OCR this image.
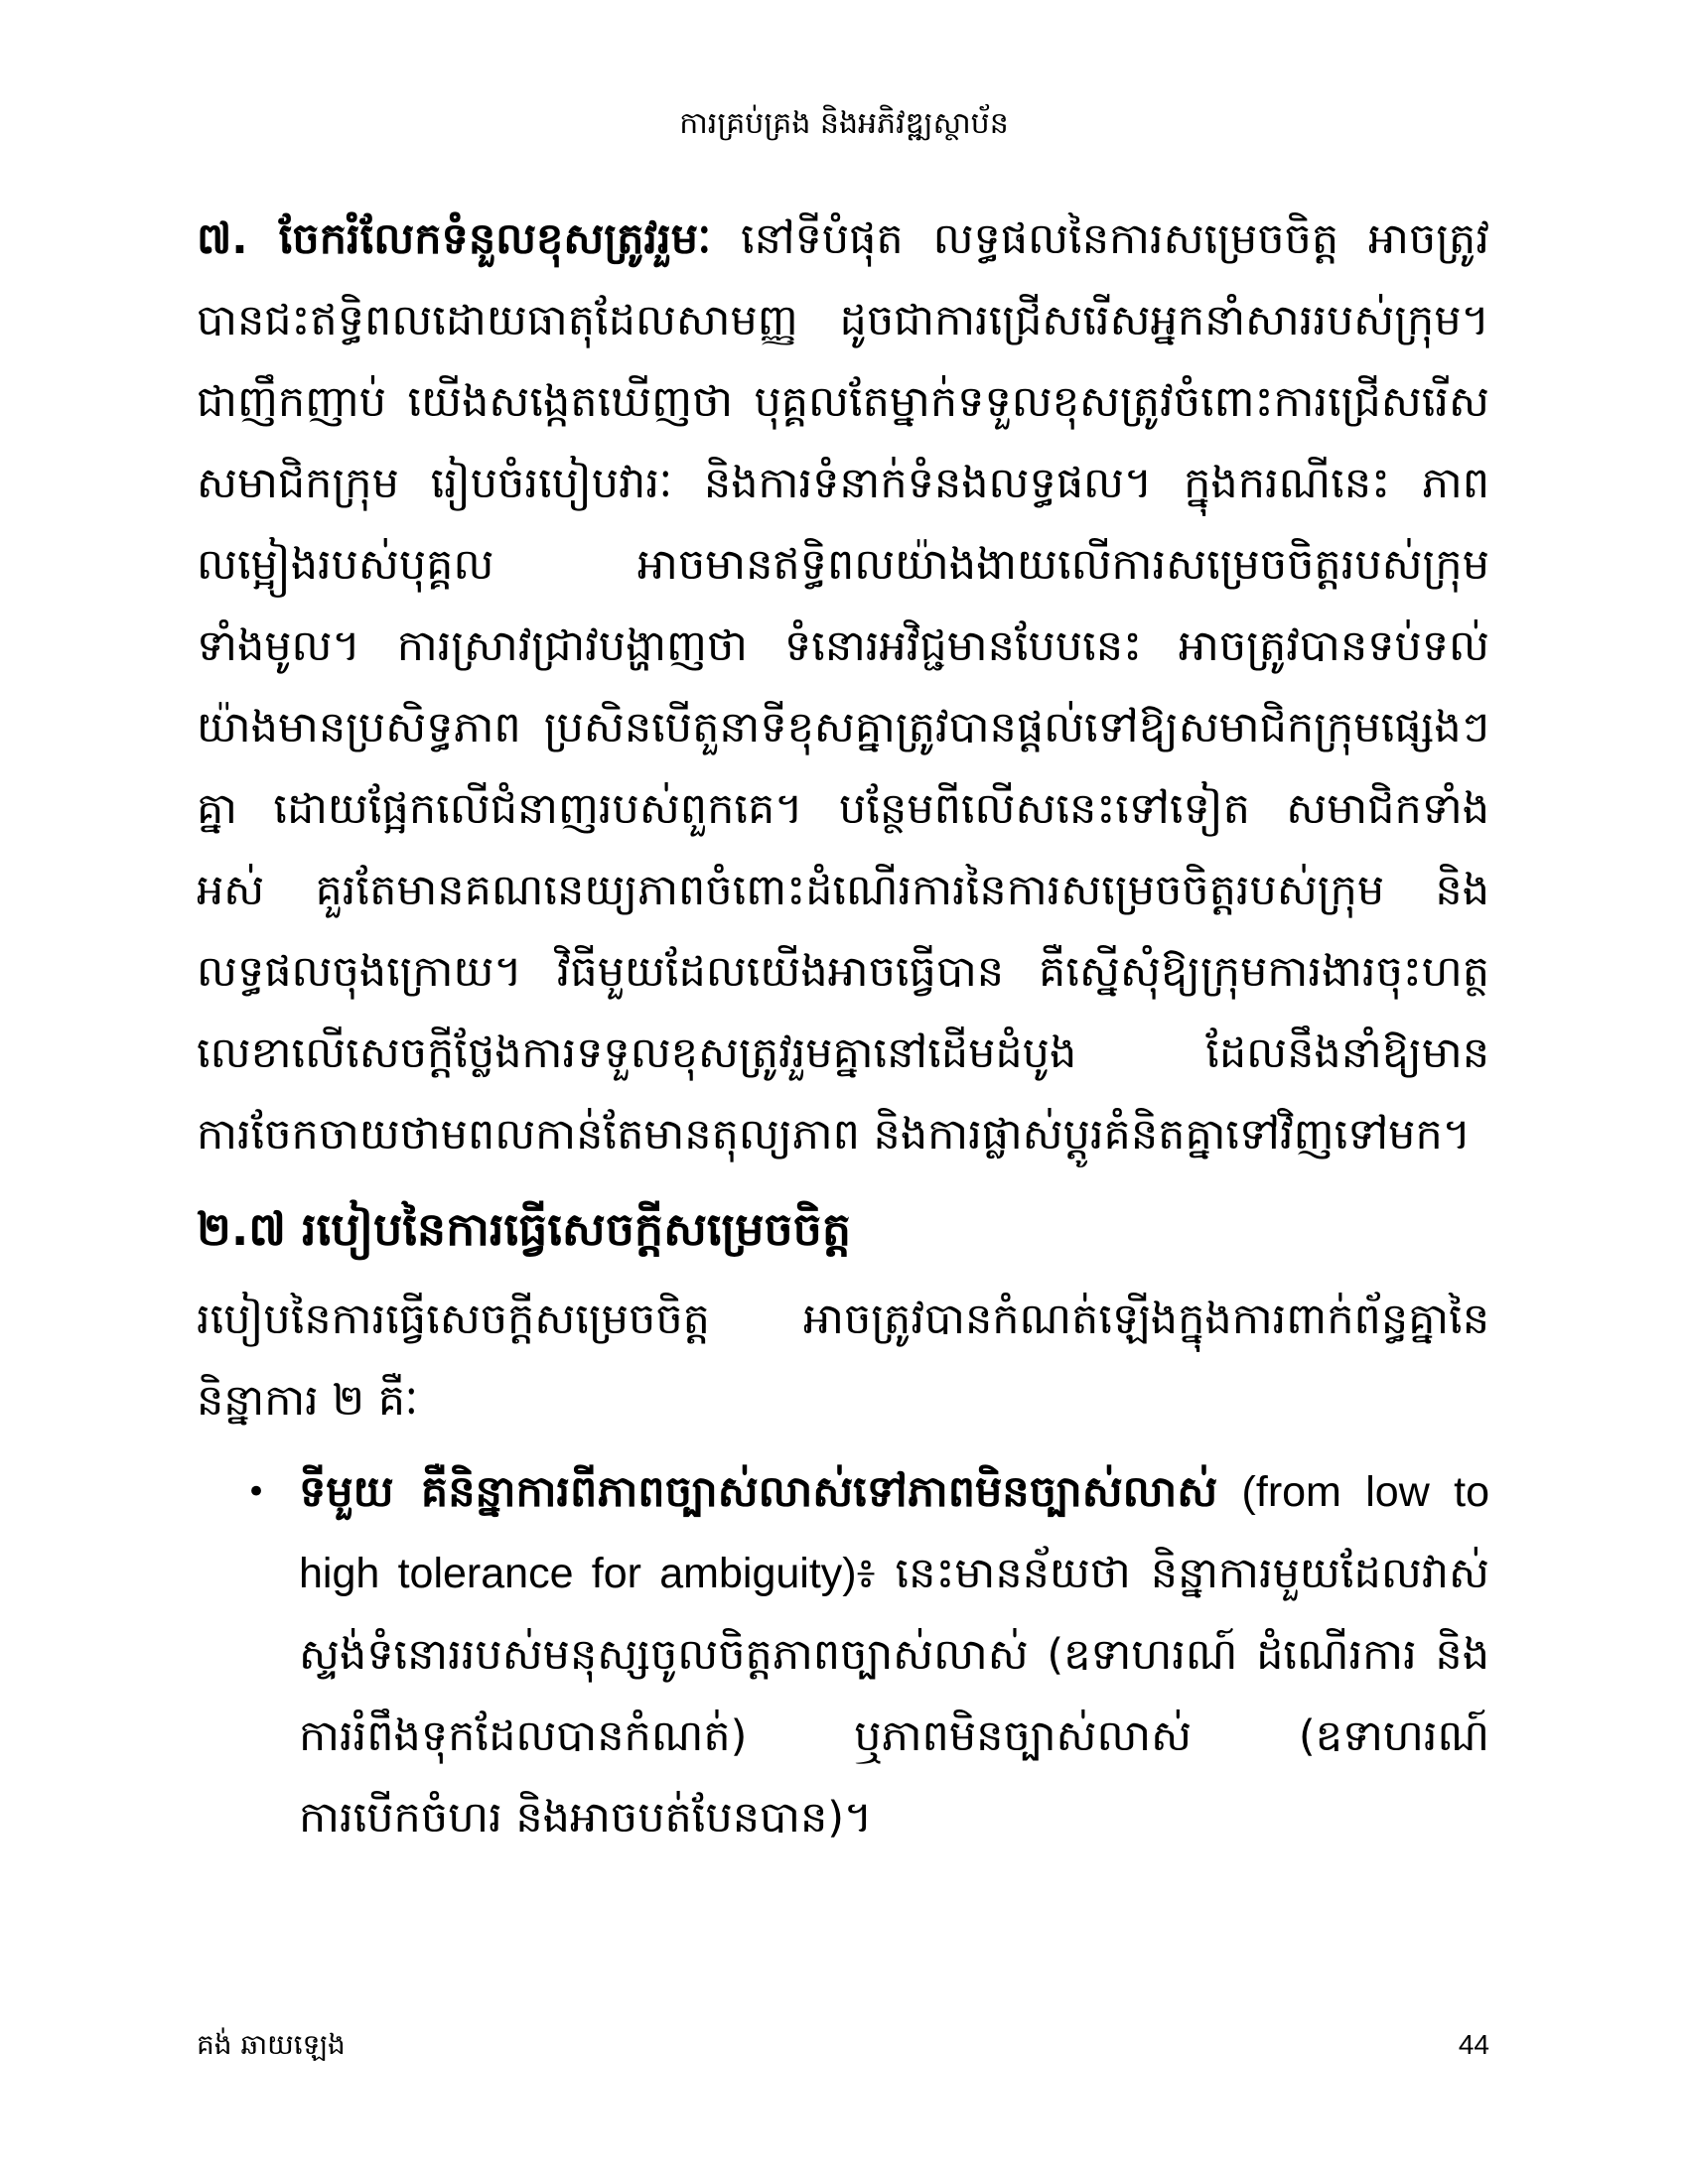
ការគ្រប់គ្រង និងអភិវឌ្ឍស្ថាប័ន

៧. ចែករំលែកទំនួលខុសត្រូវរួមៈ នៅទីបំផុត លទ្ធផលនៃការសម្រេចចិត្ត អាចត្រូវបានជះឥទ្ធិពលដោយធាតុដែលសាមញ្ញ ដូចជាការជ្រើសរើសអ្នកនាំសាររបស់ក្រុម។ ជាញឹកញាប់ យើងសង្កេតឃើញថា បុគ្គលតែម្នាក់ទទួលខុសត្រូវចំពោះការជ្រើសរើសសមាជិកក្រុម រៀបចំរបៀបវារៈ និងការទំនាក់ទំនងលទ្ធផល។ ក្នុងករណីនេះ ភាពលម្អៀងរបស់បុគ្គល អាចមានឥទ្ធិពលយ៉ាងងាយលើការសម្រេចចិត្តរបស់ក្រុមទាំងមូល។ ការស្រាវជ្រាវបង្ហាញថា ទំនោរអវិជ្ជមានបែបនេះ អាចត្រូវបានទប់ទល់យ៉ាងមានប្រសិទ្ធភាព ប្រសិនបើតួនាទីខុសគ្នាត្រូវបានផ្តល់ទៅឱ្យសមាជិកក្រុមផ្សេងៗគ្នា ដោយផ្អែកលើជំនាញរបស់ពួកគេ។ បន្ថែមពីលើសនេះទៅទៀត សមាជិកទាំងអស់ គួរតែមានគណនេយ្យភាពចំពោះដំណើរការនៃការសម្រេចចិត្តរបស់ក្រុម និងលទ្ធផលចុងក្រោយ។ វិធីមួយដែលយើងអាចធ្វើបាន គឺស្នើសុំឱ្យក្រុមការងារចុះហត្ថលេខាលើសេចក្តីថ្លែងការទទួលខុសត្រូវរួមគ្នានៅដើមដំបូង ដែលនឹងនាំឱ្យមានការចែកចាយថាមពលកាន់តែមានតុល្យភាព និងការផ្លាស់ប្តូរគំនិតគ្នាទៅវិញទៅមក។

២.៧ របៀបនៃការធ្វើសេចក្តីសម្រេចចិត្ត

របៀបនៃការធ្វើសេចក្តីសម្រេចចិត្ត អាចត្រូវបានកំណត់ឡើងក្នុងការពាក់ព័ន្ធគ្នានៃនិន្នាការ ២ គឺៈ

• ទីមួយ គឺនិន្នាការពីភាពច្បាស់លាស់ទៅភាពមិនច្បាស់លាស់ (from low to high tolerance for ambiguity)៖ នេះមានន័យថា និន្នាការមួយដែលវាស់ស្ទង់ទំនោររបស់មនុស្សចូលចិត្តភាពច្បាស់លាស់ (ឧទាហរណ៍ ដំណើរការ និងការរំពឹងទុកដែលបានកំណត់) ឬភាពមិនច្បាស់លាស់ (ឧទាហរណ៍ ការបើកចំហរ និងអាចបត់បែនបាន)។
គង់ ឆាយឡេង	44
